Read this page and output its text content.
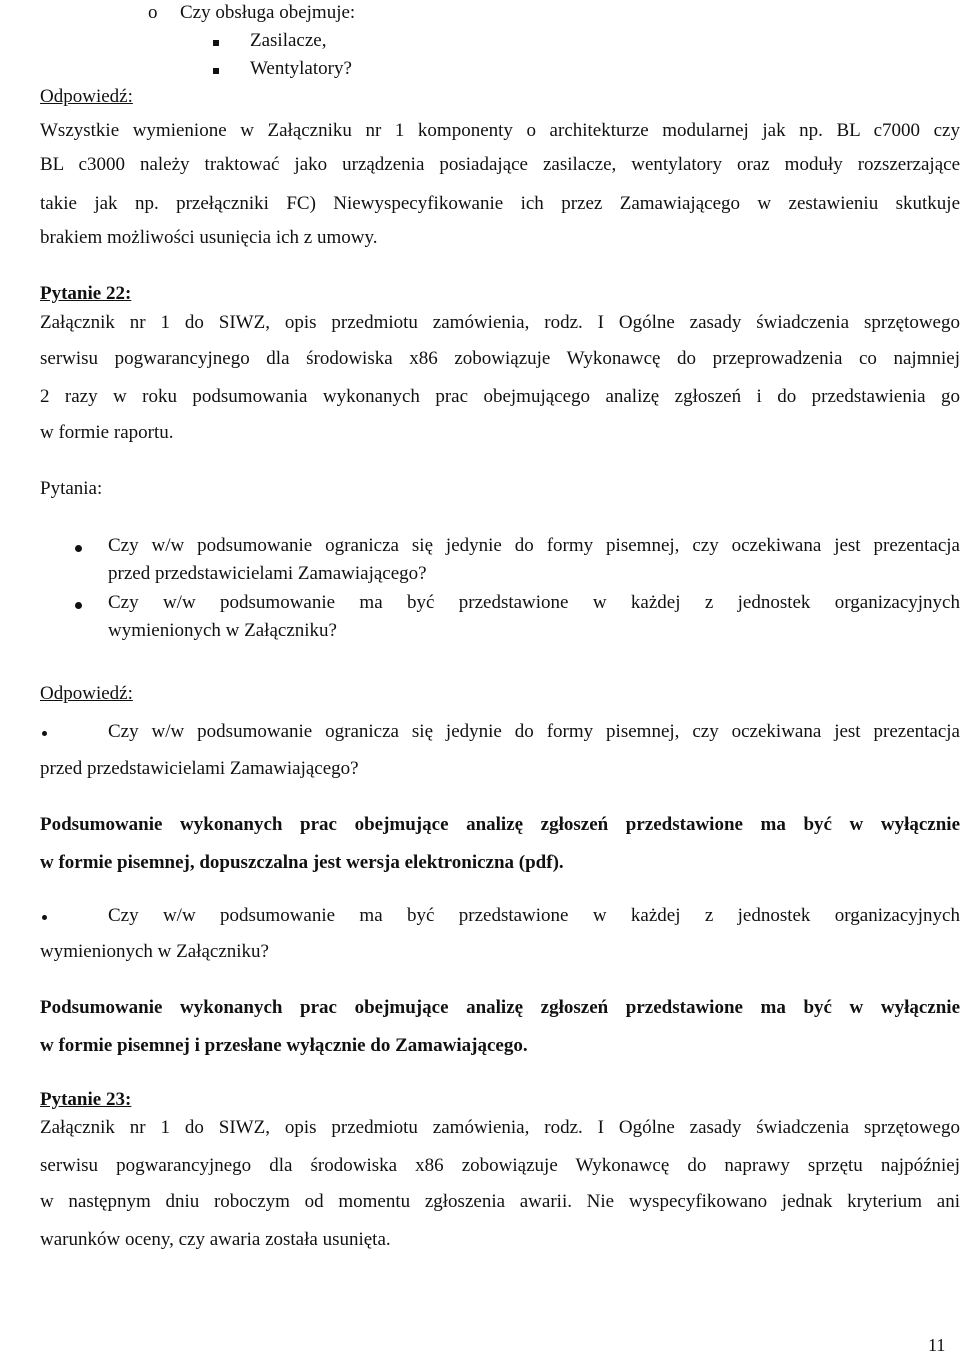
o Czy obsługa obejmuje:
Zasilacze,
Wentylatory?
Odpowiedź:
Wszystkie wymienione w Załączniku nr 1 komponenty o architekturze modularnej jak np. BL c7000 czy
BL c3000 należy traktować jako urządzenia posiadające zasilacze, wentylatory oraz moduły rozszerzające
takie jak np. przełączniki FC) Niewyspecyfikowanie ich przez Zamawiającego w zestawieniu skutkuje
brakiem możliwości usunięcia ich z umowy.
Pytanie 22:
Załącznik nr 1 do SIWZ, opis przedmiotu zamówienia, rodz. I Ogólne zasady świadczenia sprzętowego
serwisu pogwarancyjnego dla środowiska x86 zobowiązuje Wykonawcę do przeprowadzenia co najmniej
2 razy w roku podsumowania wykonanych prac obejmującego analizę zgłoszeń i do przedstawienia go
w formie raportu.
Pytania:
Czy w/w podsumowanie ogranicza się jedynie do formy pisemnej, czy oczekiwana jest prezentacja
przed przedstawicielami Zamawiającego?
Czy w/w podsumowanie ma być przedstawione w każdej z jednostek organizacyjnych
wymienionych w Załączniku?
Odpowiedź:
Czy w/w podsumowanie ogranicza się jedynie do formy pisemnej, czy oczekiwana jest prezentacja
przed przedstawicielami Zamawiającego?
Podsumowanie wykonanych prac obejmujące analizę zgłoszeń przedstawione ma być w wyłącznie
w formie pisemnej, dopuszczalna jest wersja elektroniczna (pdf).
Czy w/w podsumowanie ma być przedstawione w każdej z jednostek organizacyjnych
wymienionych w Załączniku?
Podsumowanie wykonanych prac obejmujące analizę zgłoszeń przedstawione ma być w wyłącznie
w formie pisemnej i przesłane wyłącznie do Zamawiającego.
Pytanie 23:
Załącznik nr 1 do SIWZ, opis przedmiotu zamówienia, rodz. I Ogólne zasady świadczenia sprzętowego
serwisu pogwarancyjnego dla środowiska x86 zobowiązuje Wykonawcę do naprawy sprzętu najpóźniej
w następnym dniu roboczym od momentu zgłoszenia awarii. Nie wyspecyfikowano jednak kryterium ani
warunków oceny, czy awaria została usunięta.
11
